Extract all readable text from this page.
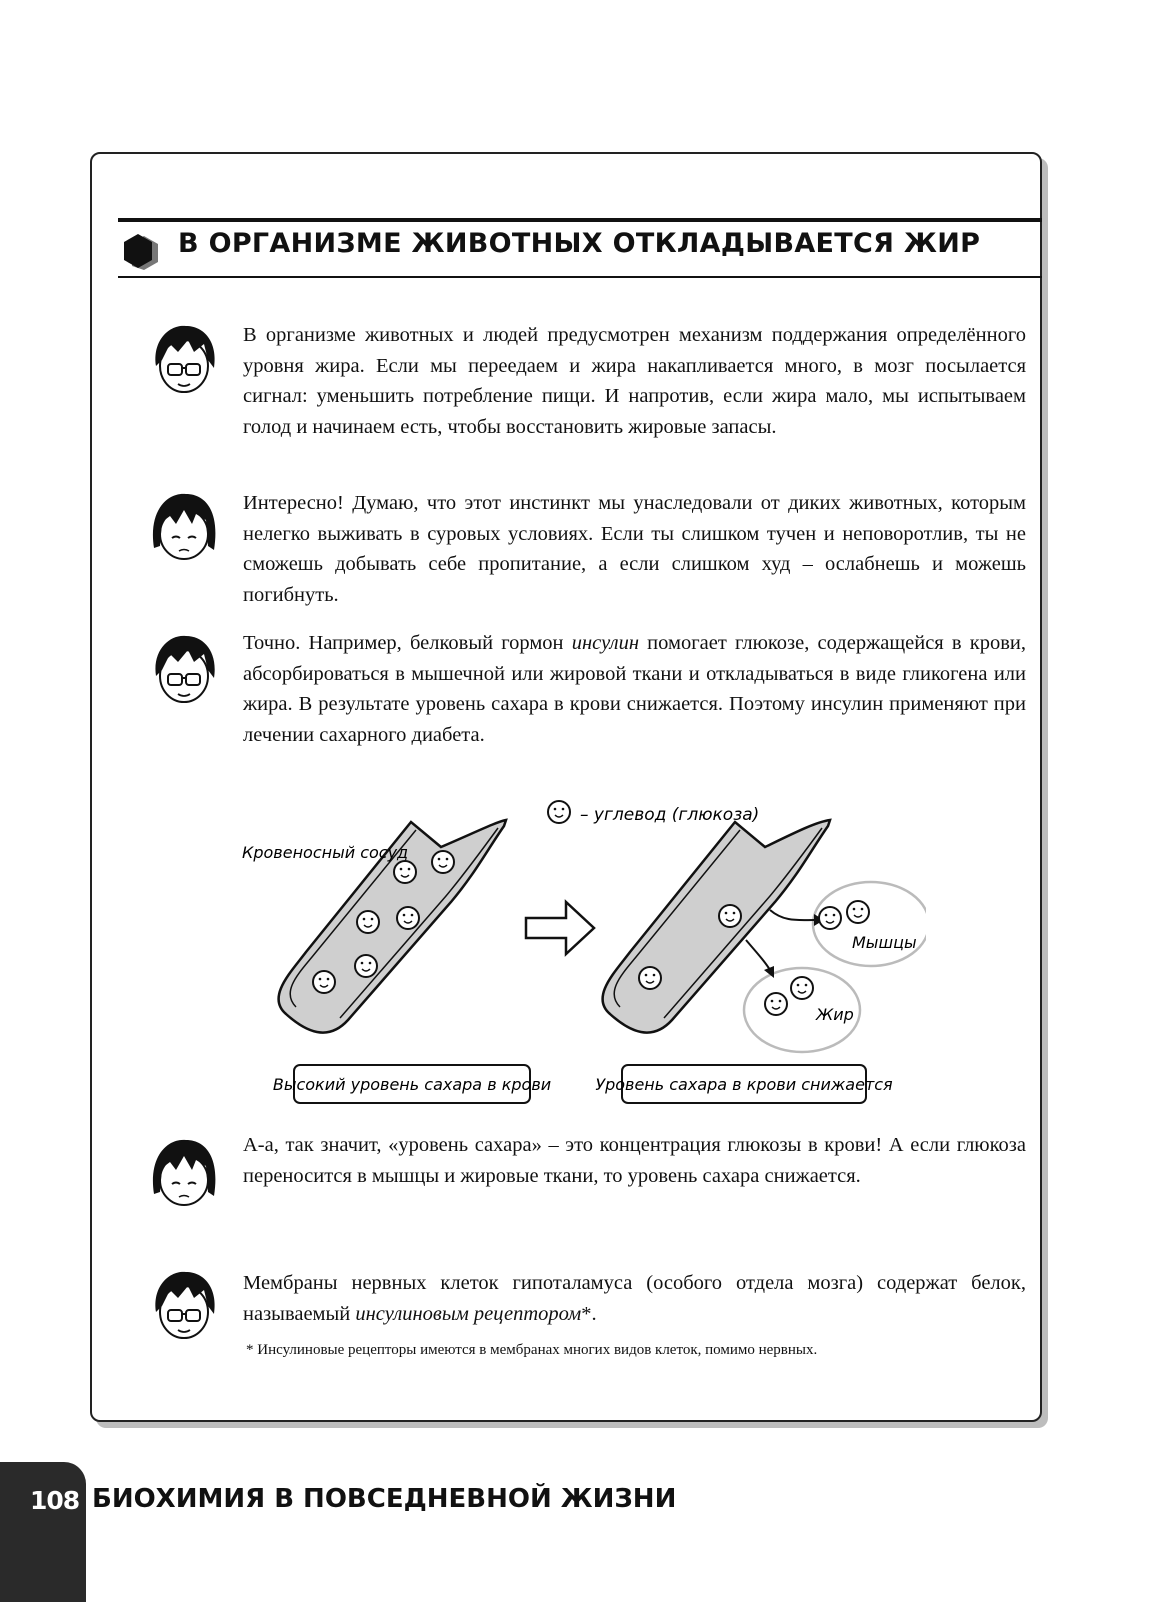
В ОРГАНИЗМЕ ЖИВОТНЫХ ОТКЛАДЫВАЕТСЯ ЖИР
В организме животных и людей предусмотрен механизм поддержания определённого уровня жира. Если мы переедаем и жира накапливается много, в мозг посылается сигнал: уменьшить потребление пищи. И напротив, если жира мало, мы испытываем голод и начинаем есть, чтобы восстановить жировые запасы.
Интересно! Думаю, что этот инстинкт мы унаследовали от диких животных, которым нелегко выживать в суровых условиях. Если ты слишком тучен и неповоротлив, ты не сможешь добывать себе пропитание, а если слишком худ – ослабнешь и можешь погибнуть.
Точно. Например, белковый гормон инсулин помогает глюкозе, содержащейся в крови, абсорбироваться в мышечной или жировой ткани и откладываться в виде гликогена или жира. В результате уровень сахара в крови снижается. Поэтому инсулин применяют при лечении сахарного диабета.
А-а, так значит, «уровень сахара» – это концентрация глюкозы в крови! А если глюкоза переносится в мышцы и жировые ткани, то уровень сахара снижается.
Мембраны нервных клеток гипоталамуса (особого отдела мозга) содержат белок, называемый инсулиновым рецептором*.
– углевод (глюкоза)
Кровеносный сосуд
Мышцы
Жир
Высокий уровень сахара в крови	Уровень сахара в крови снижается
* Инсулиновые рецепторы имеются в мембранах многих видов клеток, помимо нервных.
108 БИОХИМИЯ В ПОВСЕДНЕВНОЙ ЖИЗНИ
